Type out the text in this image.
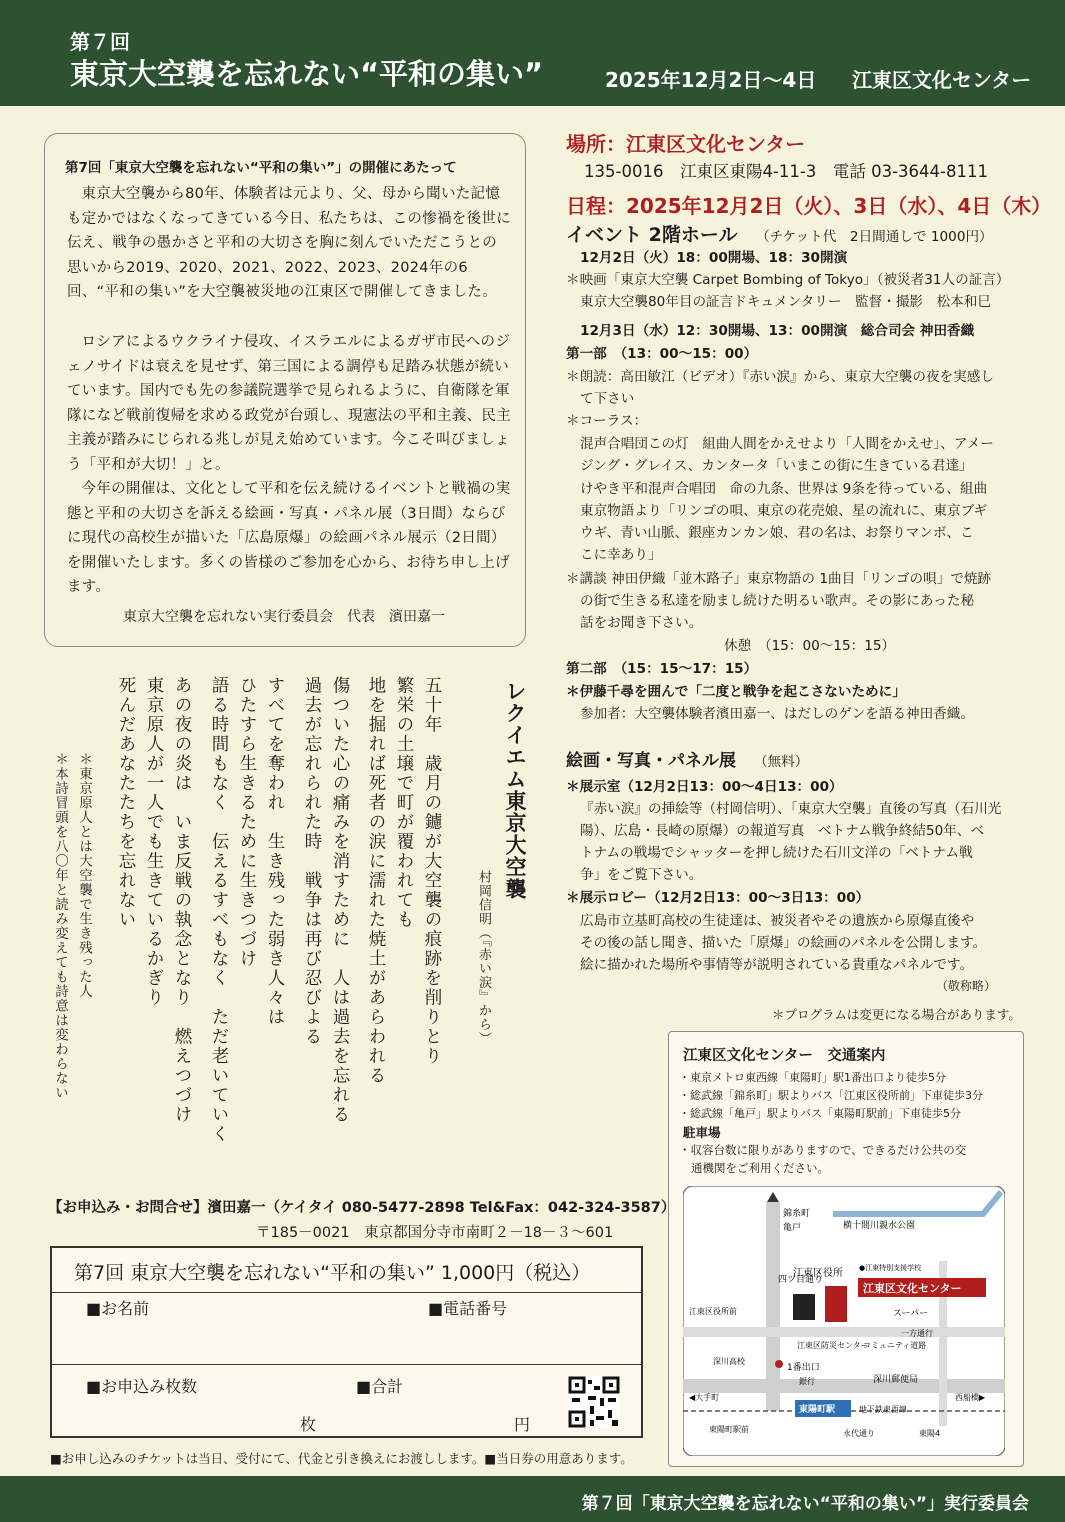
第７回
東京大空襲を忘れない“平和の集い”	2025年12月2日～4日 江東区文化センター
第7回「東京大空襲を忘れない“平和の集い”」の開催にあたって
東京大空襲から80年、体験者は元より、父、母から聞いた記憶も定かではなくなってきている今日、私たちは、この惨禍を後世に伝え、戦争の愚かさと平和の大切さを胸に刻んでいただこうとの思いから2019、2020、2021、2022、2023、2024年の6回、“平和の集い”を大空襲被災地の江東区で開催してきました。
ロシアによるウクライナ侵攻、イスラエルによるガザ市民へのジェノサイドは衰えを見せず、第三国による調停も足踏み状態が続いています。国内でも先の参議院選挙で見られるように、自衛隊を軍隊になど戦前復帰を求める政党が台頭し、現憲法の平和主義、民主主義が踏みにじられる兆しが見え始めています。今こそ叫びましょう「平和が大切！」と。
今年の開催は、文化として平和を伝え続けるイベントと戦禍の実態と平和の大切さを訴える絵画・写真・パネル展（3日間）ならびに現代の高校生が描いた「広島原爆」の絵画パネル展示（2日間）を開催いたします。多くの皆様のご参加を心から、お待ち申し上げます。
東京大空襲を忘れない実行委員会　代表　濱田嘉一
レクイエム東京大空襲
村岡信明（『赤い涙』から）
五十年　歳月の鑢が大空襲の痕跡を削りとり
繁栄の土壌で町が覆われても
地を掘れば死者の涙に濡れた焼土があらわれる
傷ついた心の痛みを消すために　人は過去を忘れる
過去が忘れられた時　戦争は再び忍びよる
すべてを奪われ　生き残った弱き人々は
ひたすら生きるために生きつづけ
語る時間もなく　伝えるすべもなく　ただ老いていく
あの夜の炎は　いま反戦の執念となり　燃えつづけ
東京原人が一人でも生きているかぎり
死んだあなたたちを忘れない
＊東京原人とは大空襲で生き残った人
＊本詩冒頭を八〇年と読み変えても詩意は変わらない
場所：江東区文化センター
135-0016　江東区東陽4-11-3　電話 03-3644-8111
日程：2025年12月2日（火）、3日（水）、4日（木）
イベント 2階ホール （チケット代　2日間通しで 1000円）
12月2日（火）18：00開場、18：30開演
＊映画「東京大空襲 Carpet Bombing of Tokyo」（被災者31人の証言）
東京大空襲80年目の証言ドキュメンタリー　監督・撮影　松本和巳
12月3日（水）12：30開場、13：00開演　総合司会 神田香織
第一部　（13：00～15：00）
＊朗読：高田敏江（ビデオ）『赤い涙』から、東京大空襲の夜を実感し
て下さい
＊コーラス：
混声合唱団この灯　組曲人間をかえせより「人間をかえせ」、アメー
ジング・グレイス、カンタータ「いまこの街に生きている君達」
けやき平和混声合唱団　命の九条、世界は 9条を待っている、組曲
東京物語より「リンゴの唄、東京の花売娘、星の流れに、東京ブギ
ウギ、青い山脈、銀座カンカン娘、君の名は、お祭りマンボ、こ
こに幸あり」
＊講談 神田伊織「並木路子」東京物語の 1曲目「リンゴの唄」で焼跡
の街で生きる私達を励まし続けた明るい歌声。その影にあった秘
話をお聞き下さい。
休憩　（15：00～15：15）
第二部　（15：15～17：15）
＊伊藤千尋を囲んで「二度と戦争を起こさないために」
参加者：大空襲体験者濱田嘉一、はだしのゲンを語る神田香織。
絵画・写真・パネル展 （無料）
＊展示室（12月2日13：00～4日13：00）
『赤い涙』の挿絵等（村岡信明）、「東京大空襲」直後の写真（石川光
陽）、広島・長崎の原爆）の報道写真　ベトナム戦争終結50年、ベ
トナムの戦場でシャッターを押し続けた石川文洋の「ベトナム戦
争」をご覧下さい。
＊展示ロビー（12月2日13：00～3日13：00）
広島市立基町高校の生徒達は、被災者やその遺族から原爆直後や
その後の話し聞き、描いた「原爆」の絵画のパネルを公開します。
絵に描かれた場所や事情等が説明されている貴重なパネルです。
（敬称略）
＊プログラムは変更になる場合があります。
江東区文化センター　交通案内
・東京メトロ東西線「東陽町」駅1番出口より徒歩5分
・総武線「錦糸町」駅よりバス「江東区役所前」下車徒歩3分
・総武線「亀戸」駅よりバス「東陽町駅前」下車徒歩5分
駐車場
・収容台数に限りがありますので、できるだけ公共の交
通機関をご利用ください。
錦糸町
亀戸	横十間川親水公園
四ツ目通り
江東区役所 ●江東特別支援学校
江東区文化センター
スーパー
江東区役所前
一方通行
江東区防災センター
コミュニティ道路
深川高校
1番出口
銀行	深川郵便局
◀大手町	西船橋▶
東陽町駅	地下鉄東西線
東陽町駅前	永代通り	東陽4
【お申込み・お問合せ】濱田嘉一（ケイタイ 080-5477-2898 Tel&Fax：042-324-3587）
〒185－0021　東京都国分寺市南町２－18－３～601
第7回 東京大空襲を忘れない“平和の集い” 1,000円（税込）
■お名前	■電話番号
■お申込み枚数	■合計
枚	円
■お申し込みのチケットは当日、受付にて、代金と引き換えにお渡しします。■当日券の用意あります。
第７回「東京大空襲を忘れない“平和の集い”」実行委員会
